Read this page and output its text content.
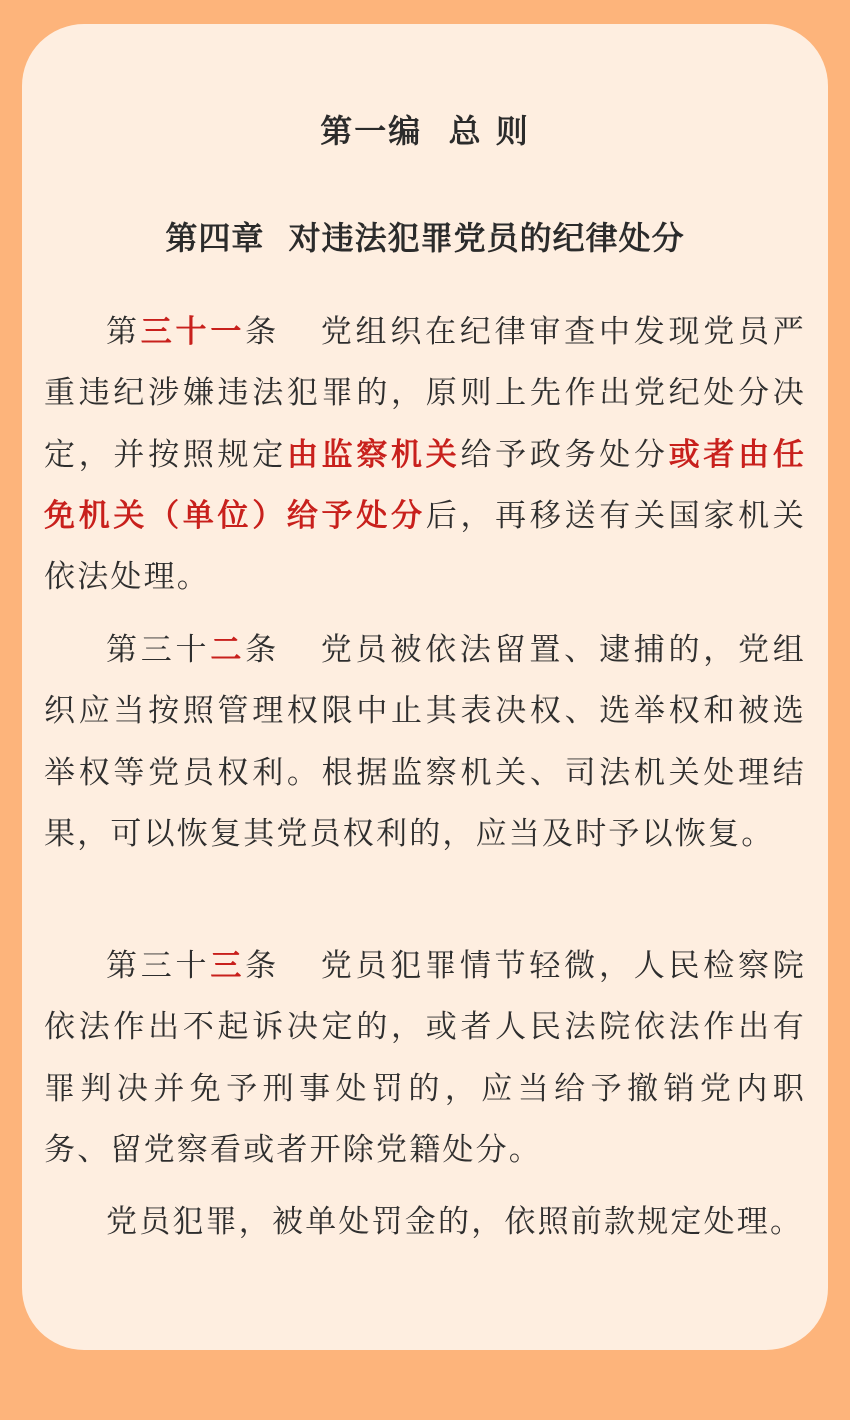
第一编  总 则
第四章  对违法犯罪党员的纪律处分

第三十一条 党组织在纪律审查中发现党员严重违纪涉嫌违法犯罪的，原则上先作出党纪处分决定，并按照规定由监察机关给予政务处分或者由任免机关（单位）给予处分后，再移送有关国家机关依法处理。

第三十二条 党员被依法留置、逮捕的，党组织应当按照管理权限中止其表决权、选举权和被选举权等党员权利。根据监察机关、司法机关处理结果，可以恢复其党员权利的，应当及时予以恢复。

第三十三条 党员犯罪情节轻微，人民检察院依法作出不起诉决定的，或者人民法院依法作出有罪判决并免予刑事处罚的，应当给予撤销党内职务、留党察看或者开除党籍处分。

党员犯罪，被单处罚金的，依照前款规定处理。
